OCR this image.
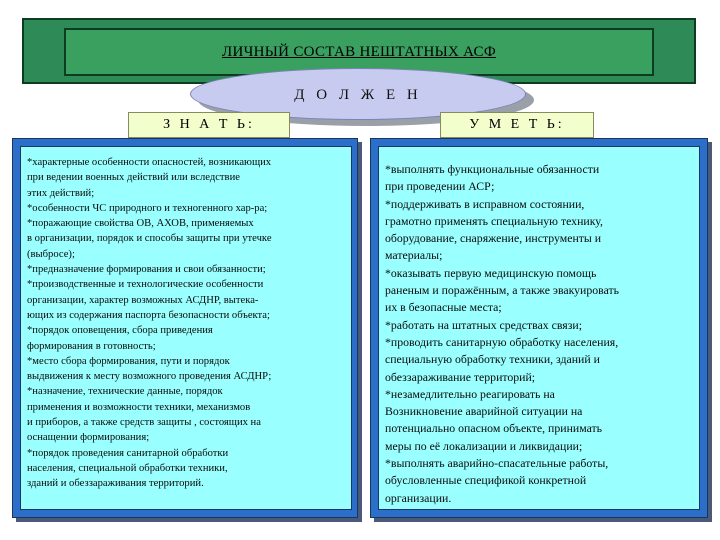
ЛИЧНЫЙ СОСТАВ НЕШТАТНЫХ АСФ
Д О Л Ж Е Н
*характерные особенности опасностей, возникающих
при ведении военных действий или вследствие
этих действий;
*особенности ЧС природного и техногенного хар-ра;
*поражающие свойства ОВ, АХОВ, применяемых
в организации, порядок и способы защиты при утечке
(выбросе);
*предназначение формирования и свои обязанности;
*производственные и технологические особенности
организации, характер возможных АСДНР, вытека-
ющих из содержания паспорта безопасности объекта;
*порядок оповещения, сбора приведения
формирования в готовность;
*место сбора формирования, пути и порядок
выдвижения к месту возможного проведения АСДНР;
*назначение, технические данные, порядок
применения и возможности техники, механизмов
и приборов, а также средств защиты , состоящих на
оснащении формирования;
*порядок проведения санитарной обработки
населения, специальной обработки техники,
зданий и обеззараживания территорий.
*выполнять функциональные обязанности
при проведении АСР;
*поддерживать в исправном состоянии,
грамотно применять специальную технику,
оборудование, снаряжение, инструменты и
материалы;
*оказывать первую медицинскую помощь
раненым и поражённым, а также эвакуировать
их в безопасные места;
*работать на штатных средствах связи;
*проводить санитарную обработку населения,
специальную обработку техники, зданий и
обеззараживание территорий;
*незамедлительно реагировать на
Возникновение аварийной ситуации на
потенциально опасном объекте, принимать
меры по её локализации и ликвидации;
*выполнять аварийно-спасательные работы,
обусловленные спецификой конкретной
организации.
З Н А Т Ь:	У М Е Т Ь:
